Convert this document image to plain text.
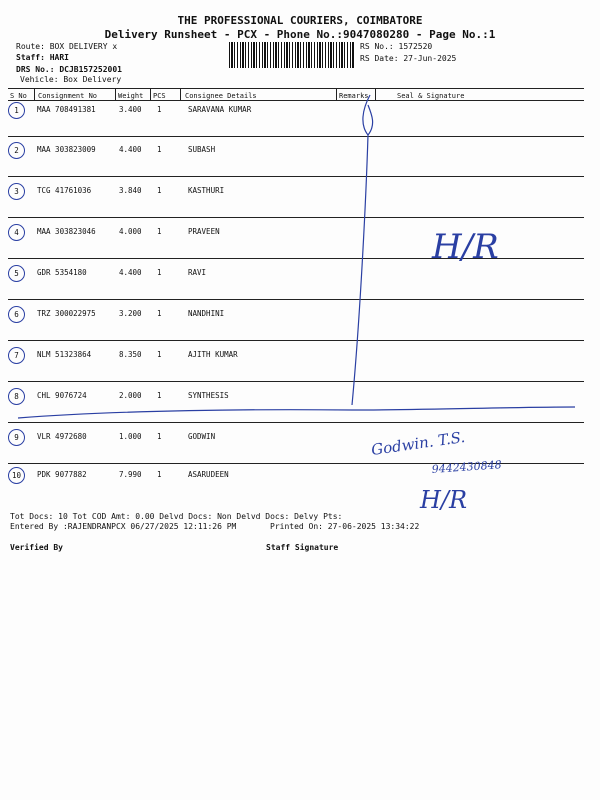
THE PROFESSIONAL COURIERS, COIMBATORE
Delivery Runsheet - PCX - Phone No.:9047080280 - Page No.:1
Route: BOX DELIVERY x
Staff: HARI
DRS No.: DCJB157252001
Vehicle: Box Delivery
RS No.: 1572520
RS Date: 27-Jun-2025
S No Consignment No	Weight PCS	Consignee Details	Remarks	Seal & Signature
1	MAA 708491381	3.400 1	SARAVANA KUMAR
2	MAA 303823009	4.400 1	SUBASH
3	TCG 41761036	3.840 1	KASTHURI
4	MAA 303823046	4.000 1	PRAVEEN
5	GDR 5354180	4.400 1	RAVI
6	TRZ 300022975	3.200 1	NANDHINI
7	NLM 51323864	8.350 1	AJITH KUMAR
8	CHL 9076724	2.000 1	SYNTHESIS
9	VLR 4972680	1.000 1	GODWIN
10	PDK 9077882	7.990 1	ASARUDEEN
Tot Docs: 10 Tot COD Amt: 0.00 Delvd Docs: Non Delvd Docs: Delvy Pts:
Entered By :RAJENDRANPCX 06/27/2025 12:11:26 PM	Printed On: 27-06-2025 13:34:22
Verified By	Staff Signature
H/R
Godwin. T.S.
9442430848
H/R
